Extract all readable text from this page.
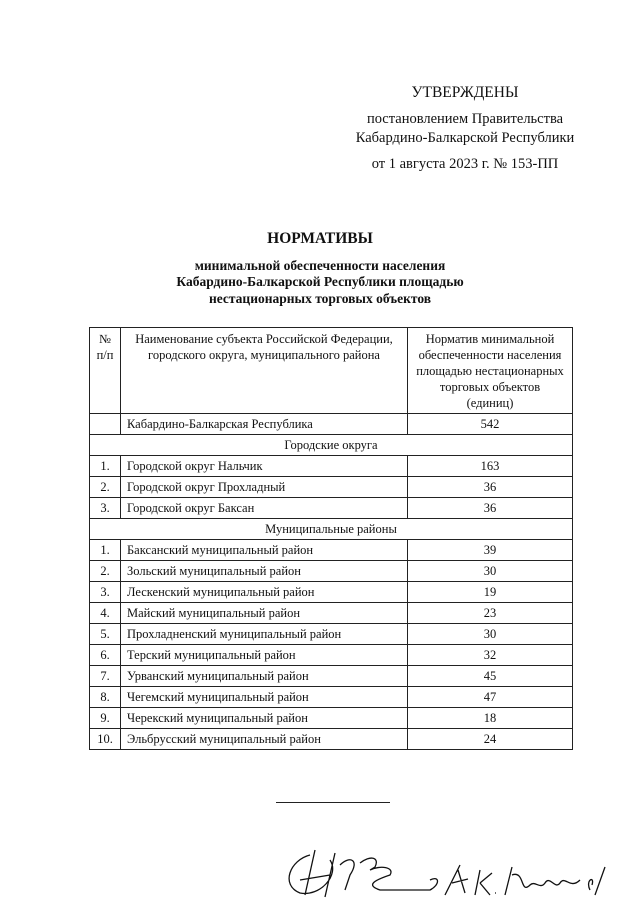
УТВЕРЖДЕНЫ
постановлением Правительства
Кабардино-Балкарской Республики
от 1 августа 2023 г. № 153-ПП
НОРМАТИВЫ
минимальной обеспеченности населения
Кабардино-Балкарской Республики площадью
нестационарных торговых объектов
№ п/п	Наименование субъекта Российской Федерации, городского округа, муниципального района	Норматив минимальной обеспеченности населения площадью нестационарных торговых объектов
(единиц)
	Кабардино-Балкарская Республика	542
Городские округа		
1.	Городской округ Нальчик	163
2.	Городской округ Прохладный	36
3.	Городской округ Баксан	36
Муниципальные районы		
1.	Баксанский муниципальный район	39
2.	Зольский муниципальный район	30
3.	Лескенский муниципальный район	19
4.	Майский муниципальный район	23
5.	Прохладненский муниципальный район	30
6.	Терский муниципальный район	32
7.	Урванский муниципальный район	45
8.	Чегемский муниципальный район	47
9.	Черекский муниципальный район	18
10.	Эльбрусский муниципальный район	24
